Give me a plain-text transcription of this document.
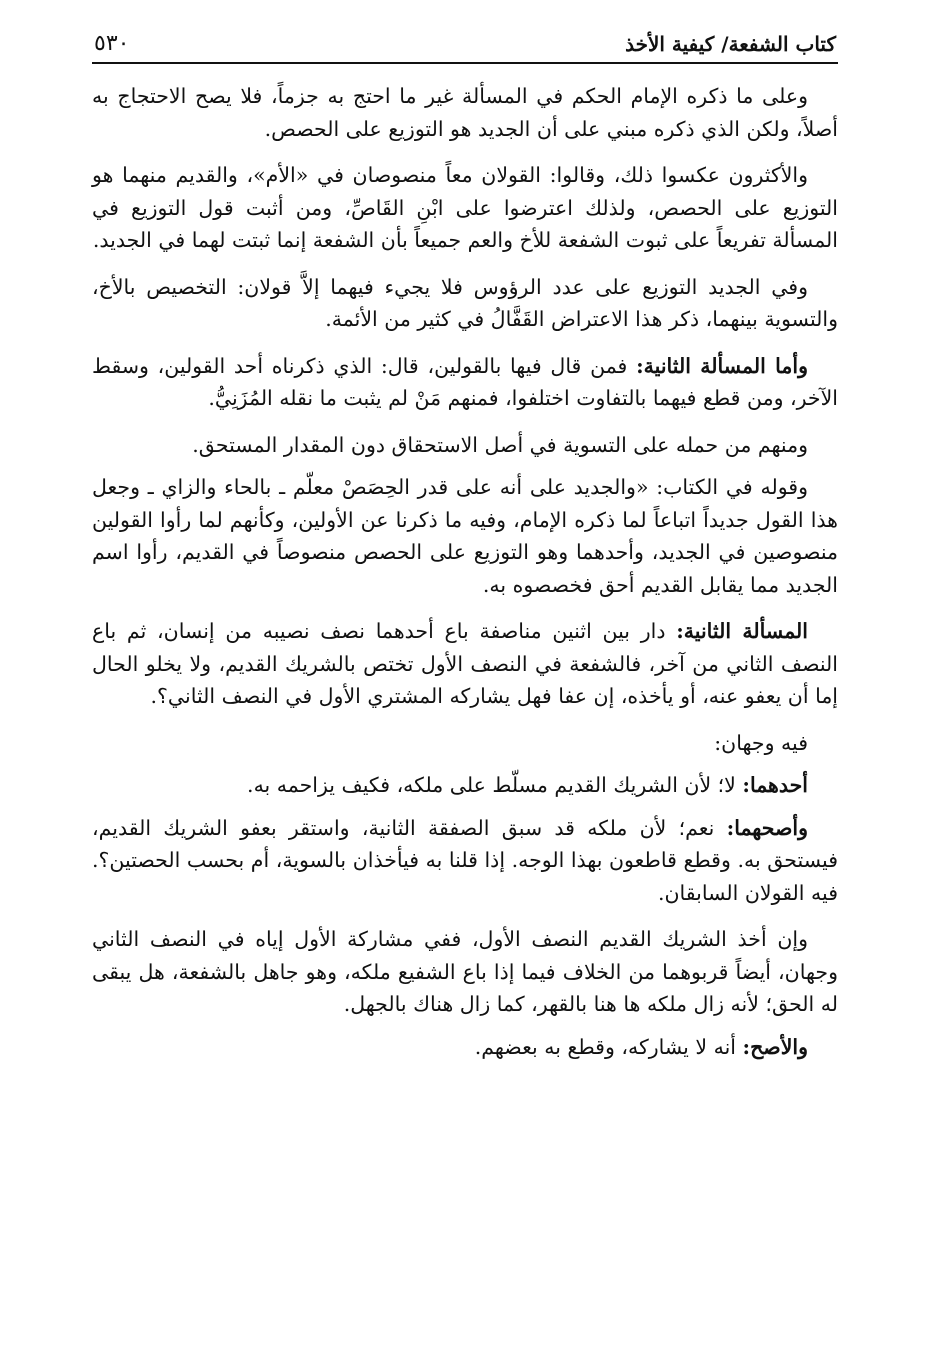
كتاب الشفعة/ كيفية الأخذ
٥٣٠

وعلى ما ذكره الإمام الحكم في المسألة غير ما احتج به جزماً، فلا يصح الاحتجاج به أصلاً، ولكن الذي ذكره مبني على أن الجديد هو التوزيع على الحصص.

والأكثرون عكسوا ذلك، وقالوا: القولان معاً منصوصان في «الأم»، والقديم منهما هو التوزيع على الحصص، ولذلك اعترضوا على ابْنِ القَاصِّ، ومن أثبت قول التوزيع في المسألة تفريعاً على ثبوت الشفعة للأخ والعم جميعاً بأن الشفعة إنما ثبتت لهما في الجديد.

وفي الجديد التوزيع على عدد الرؤوس فلا يجيء فيهما إلاَّ قولان: التخصيص بالأخ، والتسوية بينهما، ذكر هذا الاعتراض القَفَّالُ في كثير من الأئمة.

وأما المسألة الثانية: فمن قال فيها بالقولين، قال: الذي ذكرناه أحد القولين، وسقط الآخر، ومن قطع فيهما بالتفاوت اختلفوا، فمنهم مَنْ لم يثبت ما نقله المُزَنِيُّ.

ومنهم من حمله على التسوية في أصل الاستحقاق دون المقدار المستحق.

وقوله في الكتاب: «والجديد على أنه على قدر الحِصَصْ معلّم ـ بالحاء والزاي ـ وجعل هذا القول جديداً اتباعاً لما ذكره الإمام، وفيه ما ذكرنا عن الأولين، وكأنهم لما رأوا القولين منصوصين في الجديد، وأحدهما وهو التوزيع على الحصص منصوصاً في القديم، رأوا اسم الجديد مما يقابل القديم أحق فخصصوه به.

المسألة الثانية: دار بين اثنين مناصفة باع أحدهما نصف نصيبه من إنسان، ثم باع النصف الثاني من آخر، فالشفعة في النصف الأول تختص بالشريك القديم، ولا يخلو الحال إما أن يعفو عنه، أو يأخذه، إن عفا فهل يشاركه المشتري الأول في النصف الثاني؟.

فيه وجهان:

أحدهما: لا؛ لأن الشريك القديم مسلّط على ملكه، فكيف يزاحمه به.

وأصحهما: نعم؛ لأن ملكه قد سبق الصفقة الثانية، واستقر بعفو الشريك القديم، فيستحق به. وقطع قاطعون بهذا الوجه. إذا قلنا به فيأخذان بالسوية، أم بحسب الحصتين؟. فيه القولان السابقان.

وإن أخذ الشريك القديم النصف الأول، ففي مشاركة الأول إياه في النصف الثاني وجهان، أيضاً قربوهما من الخلاف فيما إذا باع الشفيع ملكه، وهو جاهل بالشفعة، هل يبقى له الحق؛ لأنه زال ملكه ها هنا بالقهر، كما زال هناك بالجهل.

والأصح: أنه لا يشاركه، وقطع به بعضهم.
